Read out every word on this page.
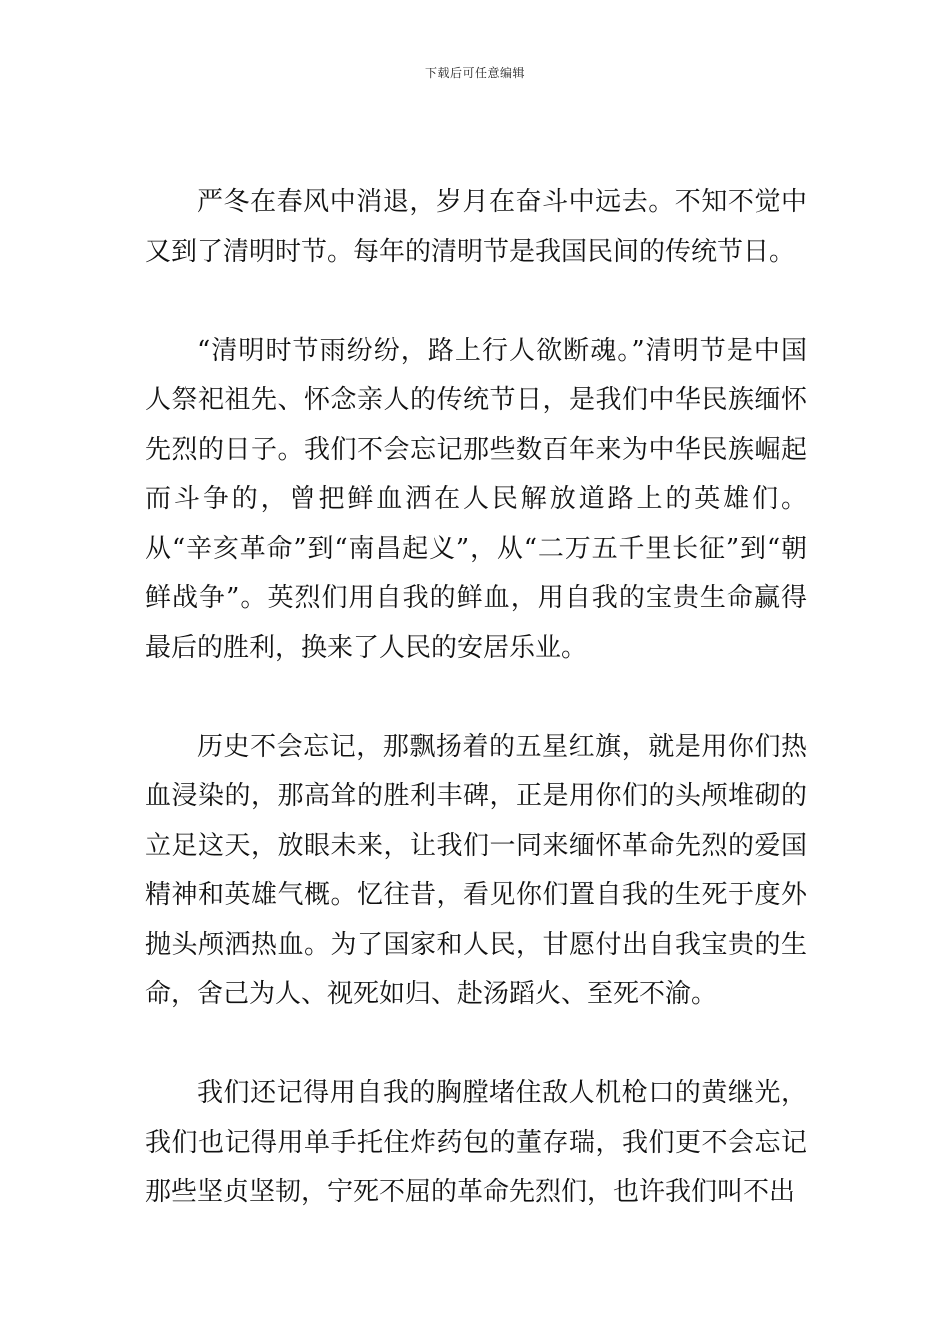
下载后可任意编辑

严冬在春风中消退，岁月在奋斗中远去。不知不觉中又到了清明时节。每年的清明节是我国民间的传统节日。

“清明时节雨纷纷，路上行人欲断魂。”清明节是中国人祭祀祖先、怀念亲人的传统节日，是我们中华民族缅怀先烈的日子。我们不会忘记那些数百年来为中华民族崛起而斗争的，曾把鲜血洒在人民解放道路上的英雄们。从“辛亥革命”到“南昌起义”，从“二万五千里长征”到“朝鲜战争”。英烈们用自我的鲜血，用自我的宝贵生命赢得最后的胜利，换来了人民的安居乐业。

历史不会忘记，那飘扬着的五星红旗，就是用你们热血浸染的，那高耸的胜利丰碑，正是用你们的头颅堆砌的立足这天，放眼未来，让我们一同来缅怀革命先烈的爱国精神和英雄气概。忆往昔，看见你们置自我的生死于度外抛头颅洒热血。为了国家和人民，甘愿付出自我宝贵的生命，舍己为人、视死如归、赴汤蹈火、至死不渝。

我们还记得用自我的胸膛堵住敌人机枪口的黄继光，我们也记得用单手托住炸药包的董存瑞，我们更不会忘记那些坚贞坚韧，宁死不屈的革命先烈们，也许我们叫不出
